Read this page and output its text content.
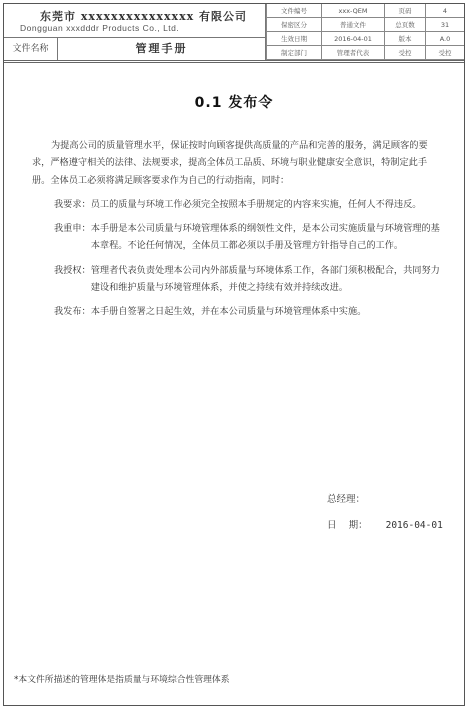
东莞市 xxxxxxxxxxxxxxx 有限公司
Dongguan xxxdddr Products Co., Ltd.
文件名称	管理手册
文件编号	xxx-QEM	页码	4
保密区分	普通文件	总页数	31
生效日期	2016-04-01	版本	A.0
制定部门	管理者代表	受控	受控
0.1 发布令

为提高公司的质量管理水平，保证按时向顾客提供高质量的产品和完善的服务，满足顾客的要求，严格遵守相关的法律、法规要求，提高全体员工品质、环境与职业健康安全意识，特制定此手册。全体员工必须将满足顾客要求作为自己的行动指南，同时：

我要求： 员工的质量与环境工作必须完全按照本手册规定的内容来实施，任何人不得违反。
我重申： 本手册是本公司质量与环境管理体系的纲领性文件，是本公司实施质量与环境管理的基本章程。不论任何情况，全体员工都必须以手册及管理方针指导自己的工作。
我授权： 管理者代表负责处理本公司内外部质量与环境体系工作，各部门须积极配合，共同努力建设和维护质量与环境管理体系，并使之持续有效并持续改进。
我发布： 本手册自签署之日起生效，并在本公司质量与环境管理体系中实施。
总经理：
日    期： 2016-04-01
*本文件所描述的管理体是指质量与环境综合性管理体系
